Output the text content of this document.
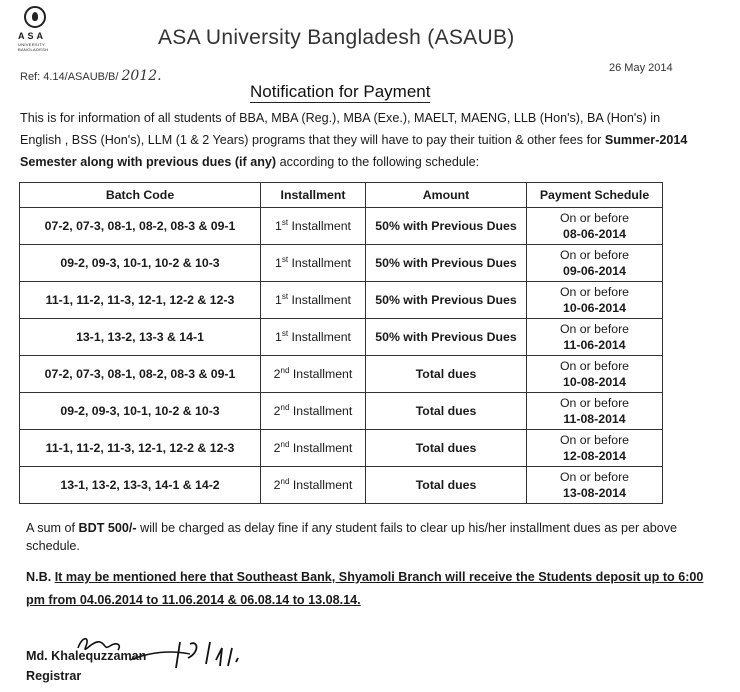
ASA
UNIVERSITY BANGLADESH
ASA University Bangladesh (ASAUB)
Ref: 4.14/ASAUB/B/ 2012.	26 May 2014
Notification for Payment
This is for information of all students of BBA, MBA (Reg.), MBA (Exe.), MAELT, MAENG, LLB (Hon's), BA (Hon's) in English , BSS (Hon's), LLM (1 & 2 Years) programs that they will have to pay their tuition & other fees for Summer-2014 Semester along with previous dues (if any) according to the following schedule:
Batch Code	Installment	Amount	Payment Schedule
07-2, 07-3, 08-1, 08-2, 08-3 & 09-1	1st Installment	50% with Previous Dues	On or before
08-06-2014

09-2, 09-3, 10-1, 10-2 & 10-3	1st Installment	50% with Previous Dues	On or before
09-06-2014

11-1, 11-2, 11-3, 12-1, 12-2 & 12-3	1st Installment	50% with Previous Dues	On or before
10-06-2014

13-1, 13-2, 13-3 & 14-1	1st Installment	50% with Previous Dues	On or before
11-06-2014

07-2, 07-3, 08-1, 08-2, 08-3 & 09-1	2nd Installment	Total dues	On or before
10-08-2014

09-2, 09-3, 10-1, 10-2 & 10-3	2nd Installment	Total dues	On or before
11-08-2014

11-1, 11-2, 11-3, 12-1, 12-2 & 12-3	2nd Installment	Total dues	On or before
12-08-2014

13-1, 13-2, 13-3, 14-1 & 14-2	2nd Installment	Total dues	On or before
13-08-2014
A sum of BDT 500/- will be charged as delay fine if any student fails to clear up his/her installment dues as per above schedule.
N.B. It may be mentioned here that Southeast Bank, Shyamoli Branch will receive the Students deposit up to 6:00 pm from 04.06.2014 to 11.06.2014 & 06.08.14 to 13.08.14.
Md. Khalequzzaman
Registrar
